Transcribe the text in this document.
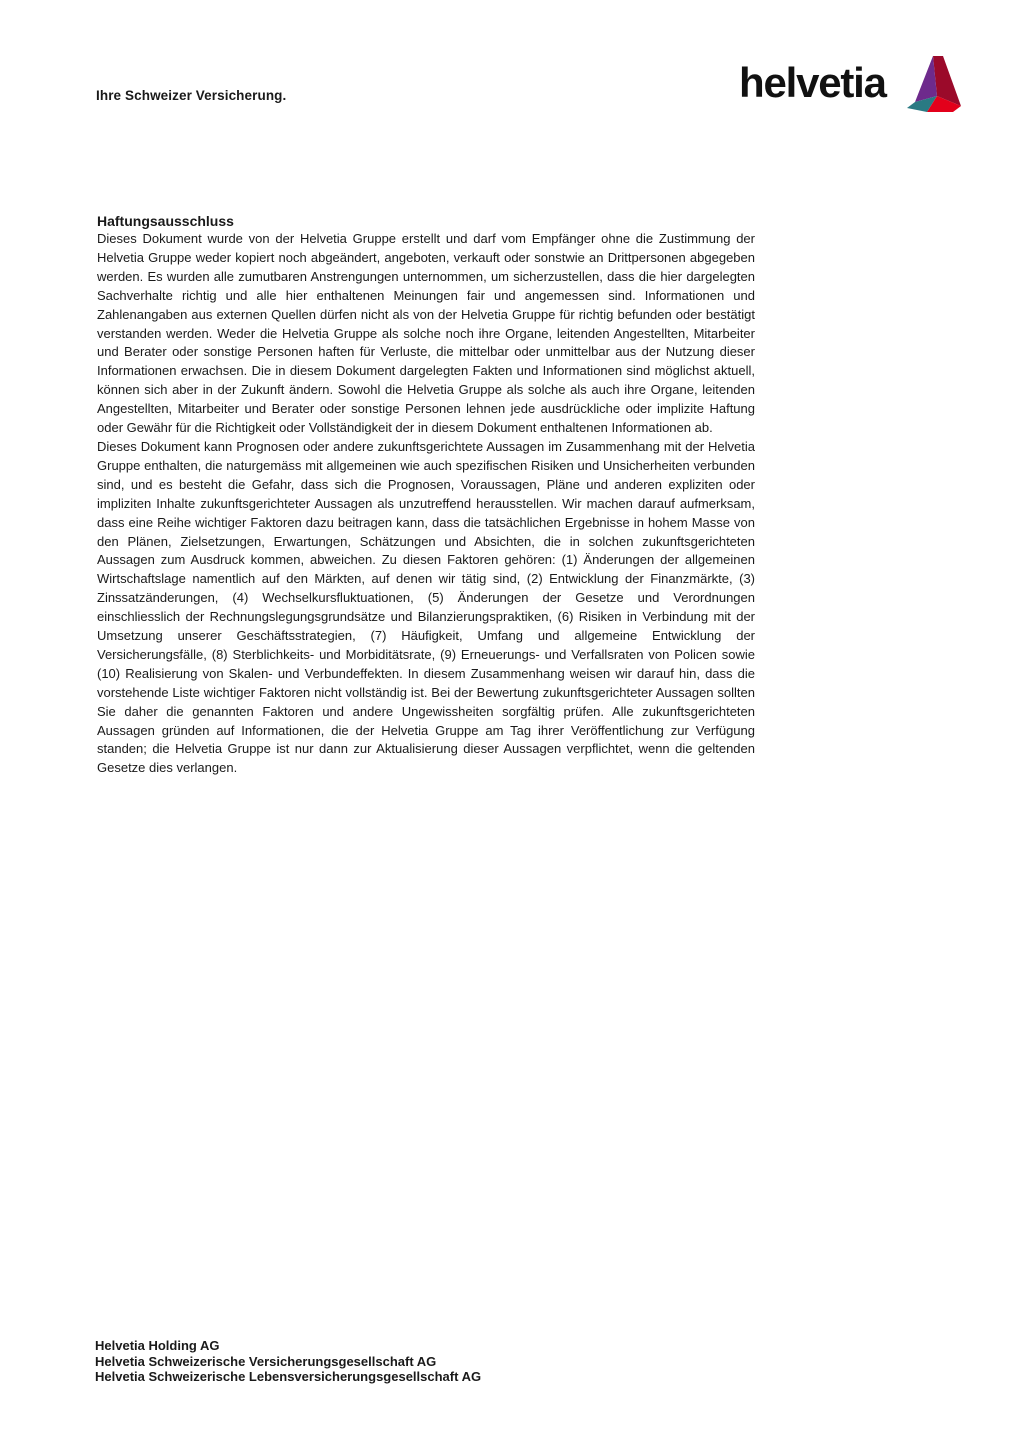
Ihre Schweizer Versicherung.	helvetia
Haftungsausschluss

Dieses Dokument wurde von der Helvetia Gruppe erstellt und darf vom Empfänger ohne die Zustimmung der Helvetia Gruppe weder kopiert noch abgeändert, angeboten, verkauft oder sonstwie an Drittpersonen abgegeben werden. Es wurden alle zumutbaren Anstrengungen unternommen, um sicherzustellen, dass die hier dargelegten Sachverhalte richtig und alle hier enthaltenen Meinungen fair und angemessen sind. Informationen und Zahlenangaben aus externen Quellen dürfen nicht als von der Helvetia Gruppe für richtig befunden oder bestätigt verstanden werden. Weder die Helvetia Gruppe als solche noch ihre Organe, leitenden Angestellten, Mitarbeiter und Berater oder sonstige Personen haften für Verluste, die mittelbar oder unmittelbar aus der Nutzung dieser Informationen erwachsen. Die in diesem Dokument dargelegten Fakten und Informationen sind möglichst aktuell, können sich aber in der Zukunft ändern. Sowohl die Helvetia Gruppe als solche als auch ihre Organe, leitenden Angestellten, Mitarbeiter und Berater oder sonstige Personen lehnen jede ausdrückliche oder implizite Haftung oder Gewähr für die Richtigkeit oder Vollständigkeit der in diesem Dokument enthaltenen Informationen ab.

Dieses Dokument kann Prognosen oder andere zukunftsgerichtete Aussagen im Zusammenhang mit der Helvetia Gruppe enthalten, die naturgemäss mit allgemeinen wie auch spezifischen Risiken und Unsicherheiten verbunden sind, und es besteht die Gefahr, dass sich die Prognosen, Voraussagen, Pläne und anderen expliziten oder impliziten Inhalte zukunftsgerichteter Aussagen als unzutreffend herausstellen. Wir machen darauf aufmerksam, dass eine Reihe wichtiger Faktoren dazu beitragen kann, dass die tatsächlichen Ergebnisse in hohem Masse von den Plänen, Zielsetzungen, Erwartungen, Schätzungen und Absichten, die in solchen zukunftsgerichteten Aussagen zum Ausdruck kommen, abweichen. Zu diesen Faktoren gehören: (1) Änderungen der allgemeinen Wirtschaftslage namentlich auf den Märkten, auf denen wir tätig sind, (2) Entwicklung der Finanzmärkte, (3) Zinssatzänderungen, (4) Wechselkursfluktuationen, (5) Änderungen der Gesetze und Verordnungen einschliesslich der Rechnungslegungsgrundsätze und Bilanzierungspraktiken, (6) Risiken in Verbindung mit der Umsetzung unserer Geschäftsstrategien, (7) Häufigkeit, Umfang und allgemeine Entwicklung der Versicherungsfälle, (8) Sterblichkeits- und Morbiditätsrate, (9) Erneuerungs- und Verfallsraten von Policen sowie (10) Realisierung von Skalen- und Verbundeffekten. In diesem Zusammenhang weisen wir darauf hin, dass die vorstehende Liste wichtiger Faktoren nicht vollständig ist. Bei der Bewertung zukunftsgerichteter Aussagen sollten Sie daher die genannten Faktoren und andere Ungewissheiten sorgfältig prüfen. Alle zukunftsgerichteten Aussagen gründen auf Informationen, die der Helvetia Gruppe am Tag ihrer Veröffentlichung zur Verfügung standen; die Helvetia Gruppe ist nur dann zur Aktualisierung dieser Aussagen verpflichtet, wenn die geltenden Gesetze dies verlangen.

Helvetia Holding AG
Helvetia Schweizerische Versicherungsgesellschaft AG
Helvetia Schweizerische Lebensversicherungsgesellschaft AG
